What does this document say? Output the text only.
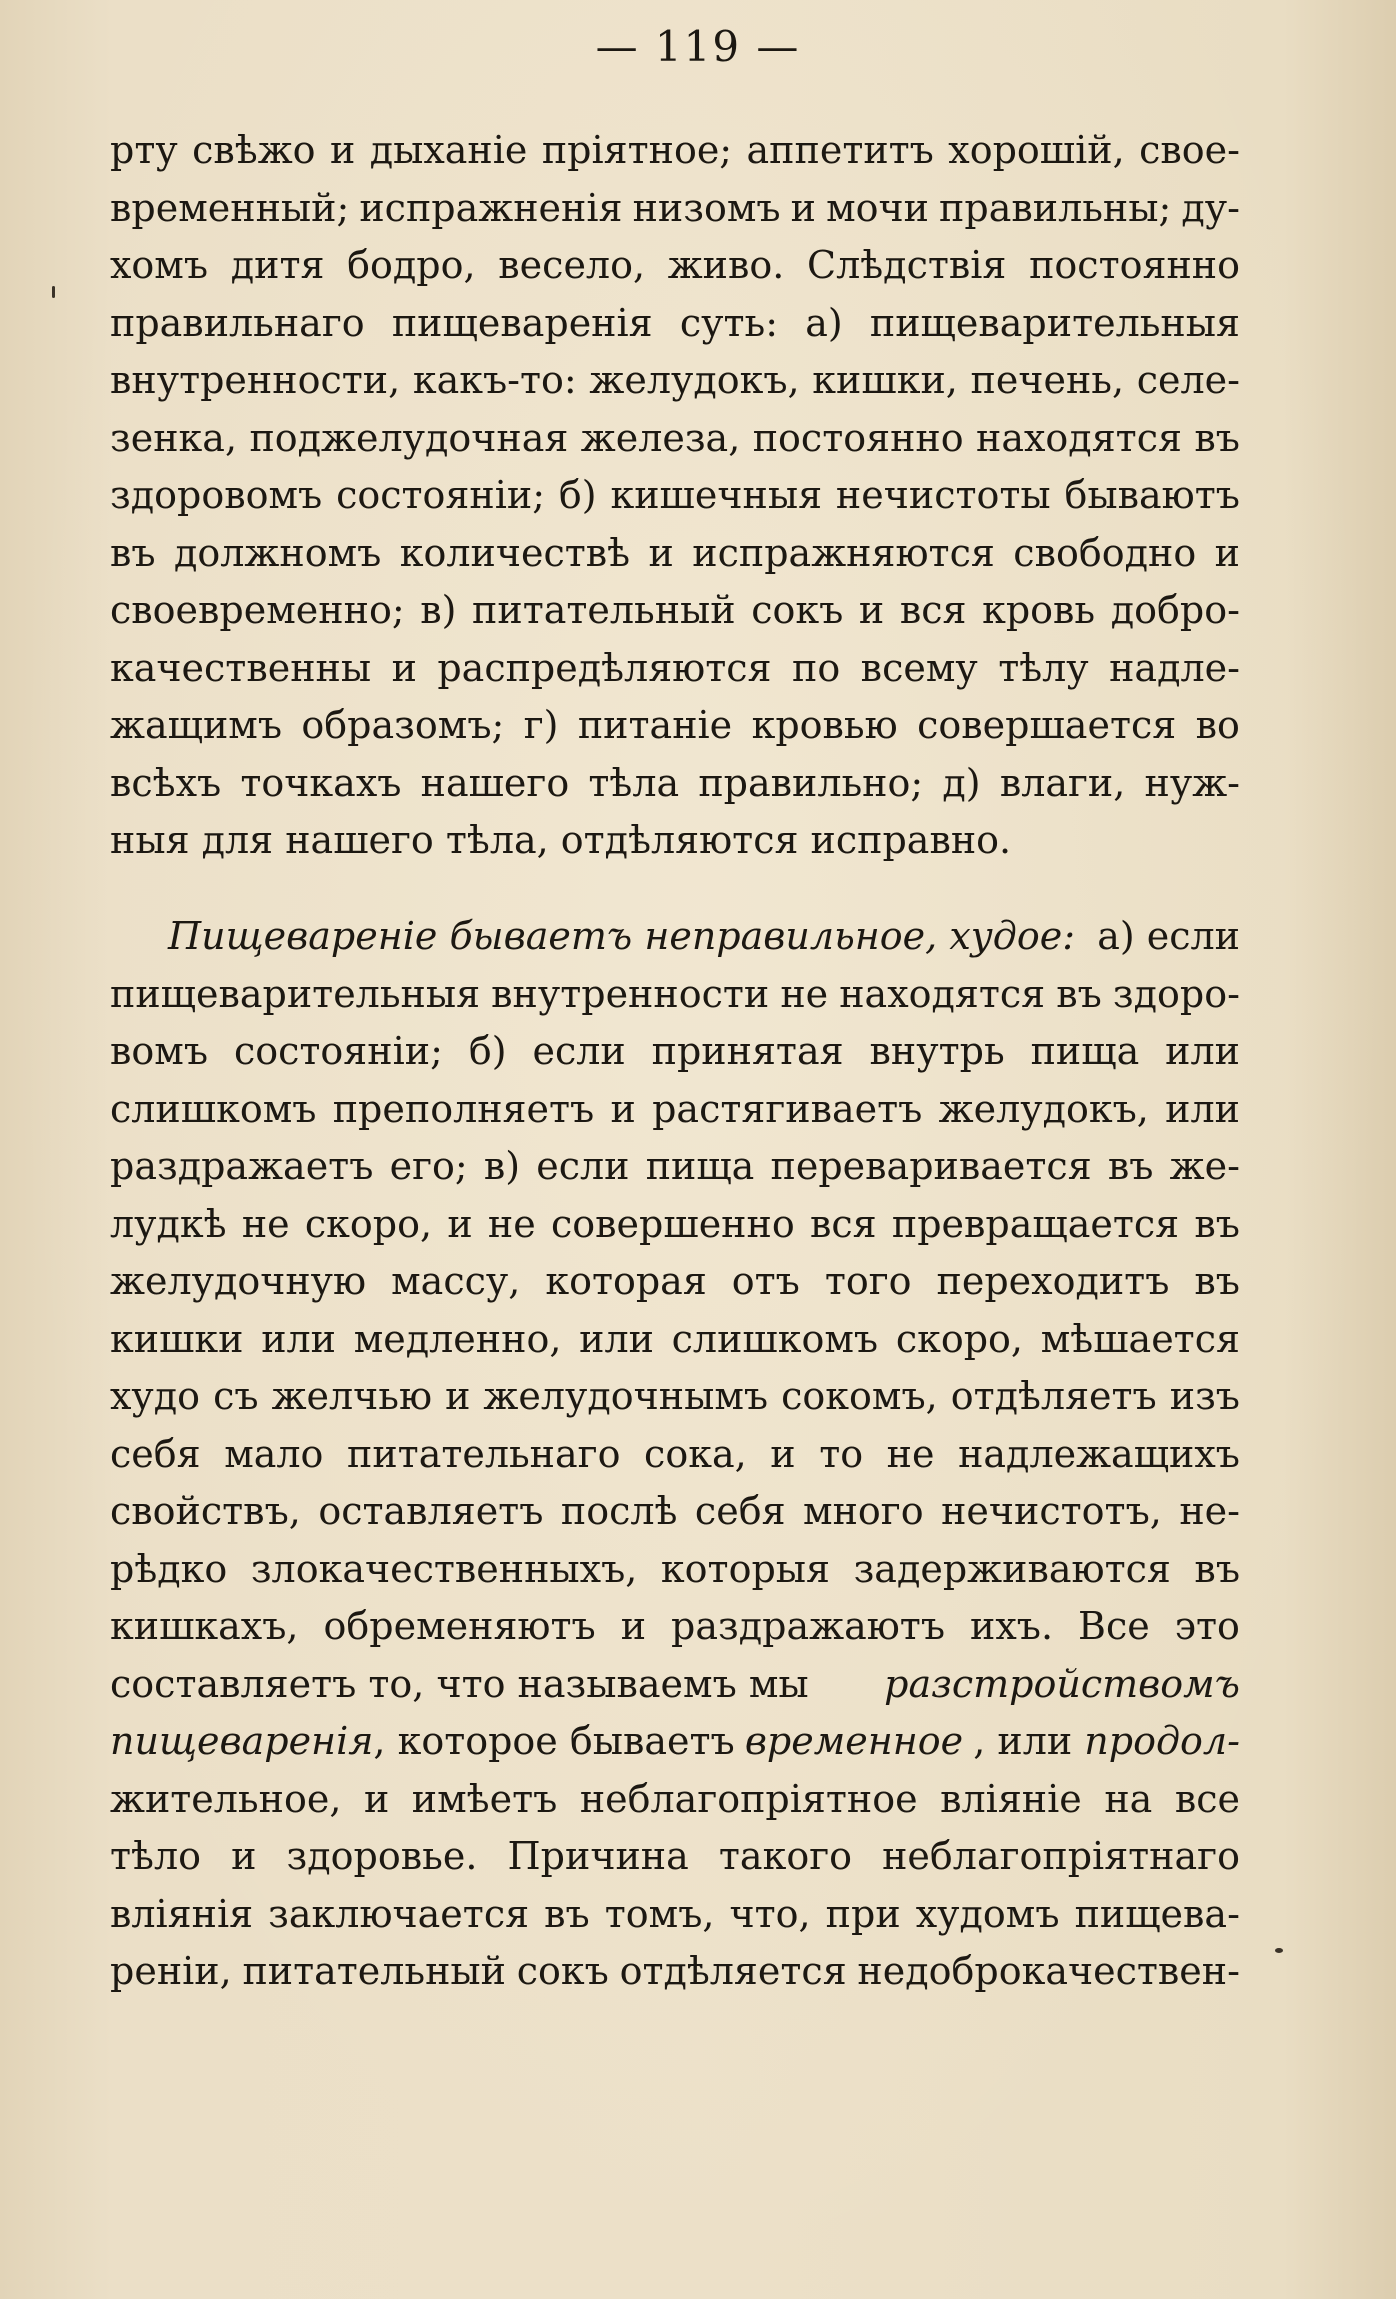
— 119 —
рту свѣжо и дыханіе пріятное; аппетитъ хорошій, свое-
временный; испражненія низомъ и мочи правильны; ду-
хомъ дитя бодро, весело, живо. Слѣдствія постоянно
правильнаго пищеваренія суть: а) пищеварительныя
внутренности, какъ-то: желудокъ, кишки, печень, селе-
зенка, поджелудочная железа, постоянно находятся въ
здоровомъ состояніи; б) кишечныя нечистоты бываютъ
въ должномъ количествѣ и испражняются свободно и
своевременно; в) питательный сокъ и вся кровь добро-
качественны и распредѣляются по всему тѣлу надле-
жащимъ образомъ; г) питаніе кровью совершается во
всѣхъ точкахъ нашего тѣла правильно; д) влаги, нуж-
ныя для нашего тѣла, отдѣляются исправно.
Пищевареніе бываетъ неправильное, худое: а) если
пищеварительныя внутренности не находятся въ здоро-
вомъ состояніи; б) если принятая внутрь пища или
слишкомъ преполняетъ и растягиваетъ желудокъ, или
раздражаетъ его; в) если пища переваривается въ же-
лудкѣ не скоро, и не совершенно вся превращается въ
желудочную массу, которая отъ того переходитъ въ
кишки или медленно, или слишкомъ скоро, мѣшается
худо съ желчью и желудочнымъ сокомъ, отдѣляетъ изъ
себя мало питательнаго сока, и то не надлежащихъ
свойствъ, оставляетъ послѣ себя много нечистотъ, не-
рѣдко злокачественныхъ, которыя задерживаются въ
кишкахъ, обременяютъ и раздражаютъ ихъ. Все это
составляетъ то, что называемъ мы разстройствомъ
пищеваренія, которое бываетъ временное , или продол-
жительное, и имѣетъ неблагопріятное вліяніе на все
тѣло и здоровье. Причина такого неблагопріятнаго
вліянія заключается въ томъ, что, при худомъ пищева-
реніи, питательный сокъ отдѣляется недоброкачествен-
